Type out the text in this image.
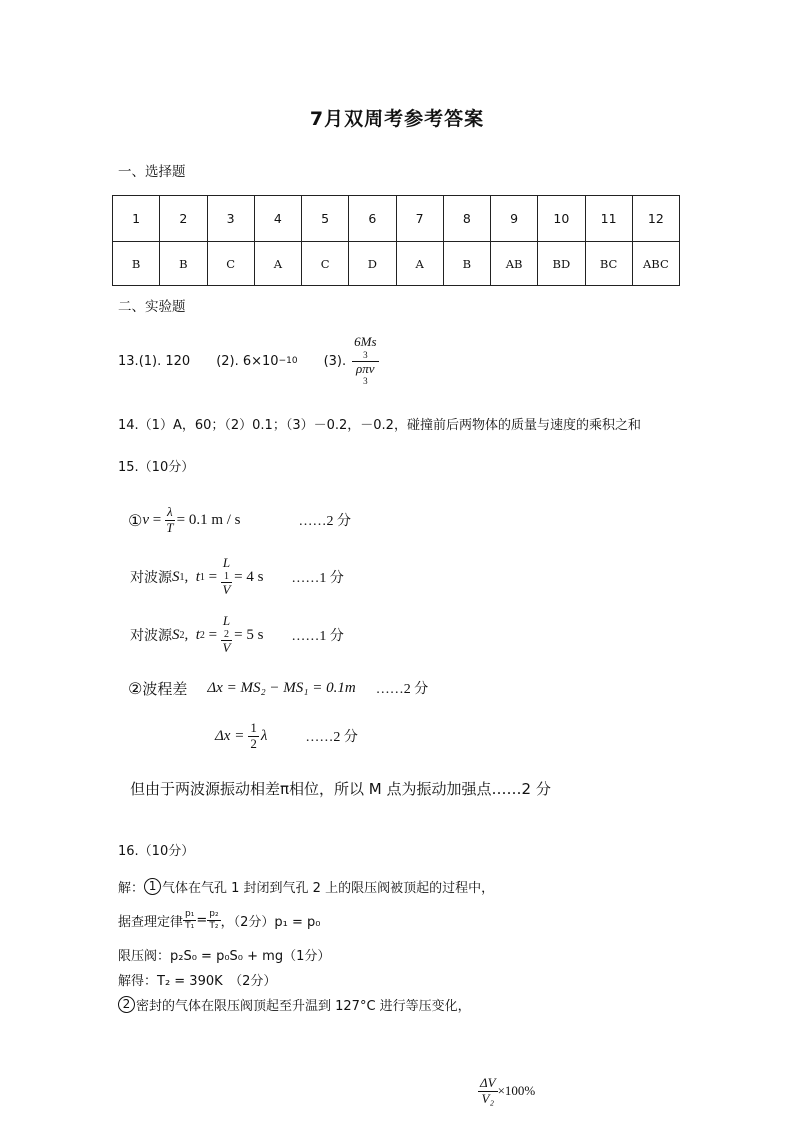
7月双周考参考答案
一、选择题
1	2	3	4	5	6	7	8	9	10	11	12
B	B	C	A	C	D	A	B	AB	BD	BC	ABC
二、实验题
13. (1). 120 (2). 6×10 −10 (3). 6Ms
3
ρπv
3
14.（1）A，60；（2）0.1；（3）－0.2，－0.2，碰撞前后两物体的质量与速度的乘积之和
15.（10分）
① $v = \frac{\lambda}{T} = 0.1$ m / s	……2 分
对波源 S 1 , t 1 = L
1
V = 4 s ……1 分
对波源 S 2 , t 2 = L
2
V = 5 s ……1 分
② 波程差 Δx = MS₂ − MS₁ = 0.1m ……2 分
$\Delta x = \frac{1}{2}$ λ	……2 分
但由于两波源振动相差π相位，所以 M 点为振动加强点……2 分
16.（10分）
解： 1 气体在气孔 1 封闭到气孔 2 上的限压阀被顶起的过程中，
据查理定律 $\frac{\text{p₁}}{\text{T₁}} = \frac{\text{p₂}}{\text{T₂}}$ ，（2分）p₁ = p₀
限压阀：p₂S₀ = p₀S₀ + mg（1分）
解得：T₂ = 390K　（2分）
2 密封的气体在限压阀顶起至升温到 127°C 进行等压变化，
$\frac{\Delta V}{\text{V₂}} \times 100\%$
